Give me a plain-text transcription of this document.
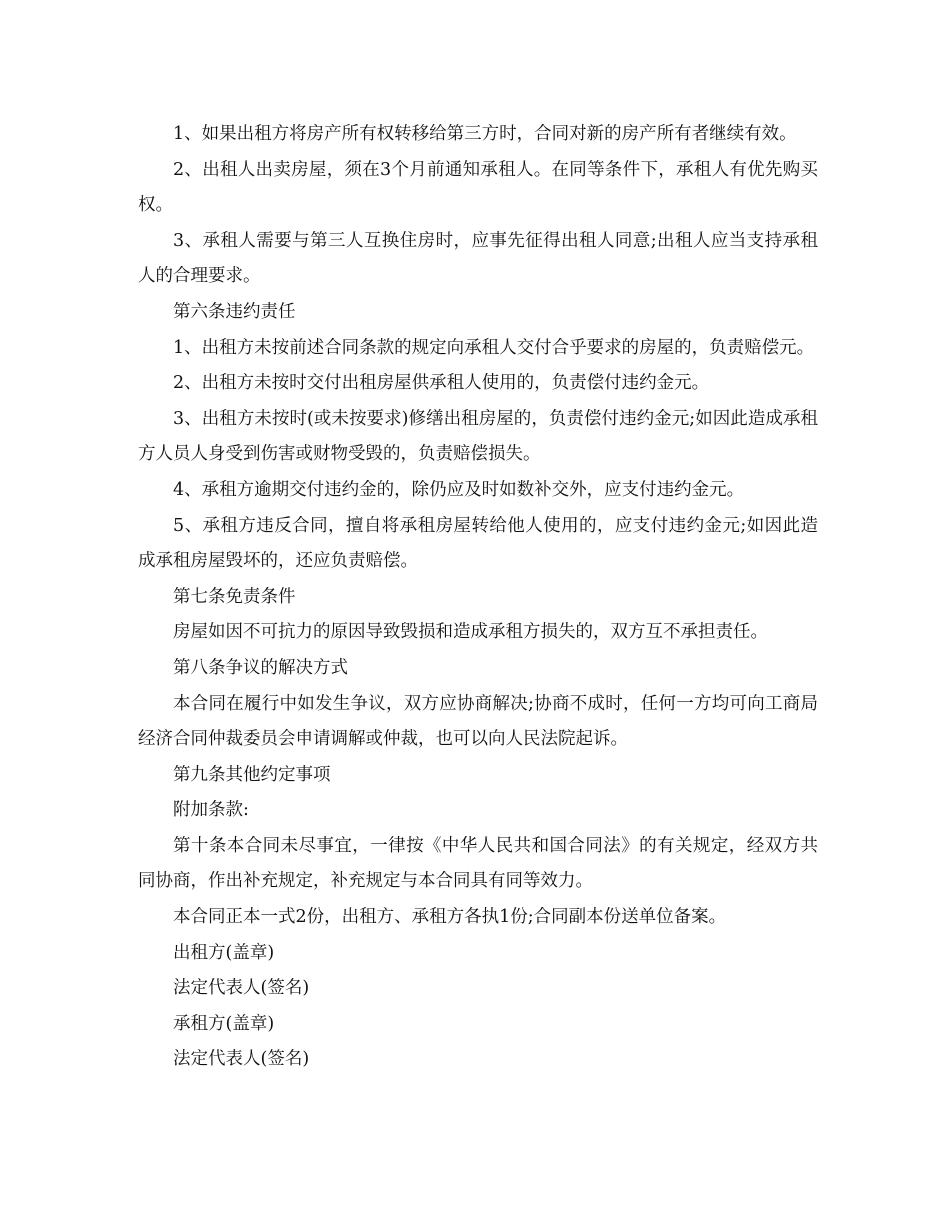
1、如果出租方将房产所有权转移给第三方时，合同对新的房产所有者继续有效。

2、出租人出卖房屋，须在3个月前通知承租人。在同等条件下，承租人有优先购买权。

3、承租人需要与第三人互换住房时，应事先征得出租人同意;出租人应当支持承租人的合理要求。

第六条违约责任

1、出租方未按前述合同条款的规定向承租人交付合乎要求的房屋的，负责赔偿元。

2、出租方未按时交付出租房屋供承租人使用的，负责偿付违约金元。

3、出租方未按时(或未按要求)修缮出租房屋的，负责偿付违约金元;如因此造成承租方人员人身受到伤害或财物受毁的，负责赔偿损失。

4、承租方逾期交付违约金的，除仍应及时如数补交外，应支付违约金元。

5、承租方违反合同，擅自将承租房屋转给他人使用的，应支付违约金元;如因此造成承租房屋毁坏的，还应负责赔偿。

第七条免责条件

房屋如因不可抗力的原因导致毁损和造成承租方损失的，双方互不承担责任。

第八条争议的解决方式

本合同在履行中如发生争议，双方应协商解决;协商不成时，任何一方均可向工商局经济合同仲裁委员会申请调解或仲裁，也可以向人民法院起诉。

第九条其他约定事项

附加条款:

第十条本合同未尽事宜，一律按《中华人民共和国合同法》的有关规定，经双方共同协商，作出补充规定，补充规定与本合同具有同等效力。

本合同正本一式2份，出租方、承租方各执1份;合同副本份送单位备案。

出租方(盖章)

法定代表人(签名)

承租方(盖章)

法定代表人(签名)
